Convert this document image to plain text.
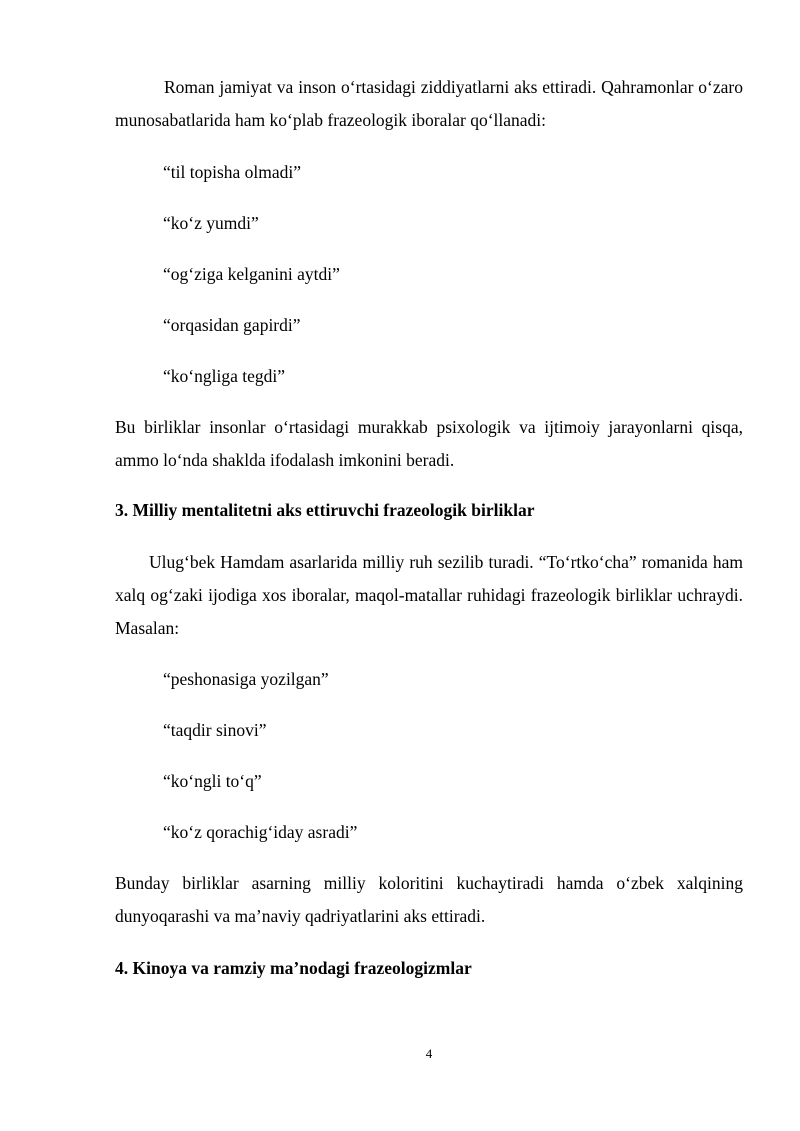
Roman jamiyat va inson o‘rtasidagi ziddiyatlarni aks ettiradi. Qahramonlar o‘zaro munosabatlarida ham ko‘plab frazeologik iboralar qo‘llanadi:

“til topisha olmadi”

“ko‘z yumdi”

“og‘ziga kelganini aytdi”

“orqasidan gapirdi”

“ko‘ngliga tegdi”

Bu birliklar insonlar o‘rtasidagi murakkab psixologik va ijtimoiy jarayonlarni qisqa, ammo lo‘nda shaklda ifodalash imkonini beradi.

3. Milliy mentalitetni aks ettiruvchi frazeologik birliklar

Ulug‘bek Hamdam asarlarida milliy ruh sezilib turadi. “To‘rtko‘cha” romanida ham xalq og‘zaki ijodiga xos iboralar, maqol-matallar ruhidagi frazeologik birliklar uchraydi. Masalan:

“peshonasiga yozilgan”

“taqdir sinovi”

“ko‘ngli to‘q”

“ko‘z qorachig‘iday asradi”

Bunday birliklar asarning milliy koloritini kuchaytiradi hamda o‘zbek xalqining dunyoqarashi va ma’naviy qadriyatlarini aks ettiradi.

4. Kinoya va ramziy ma’nodagi frazeologizmlar
4
